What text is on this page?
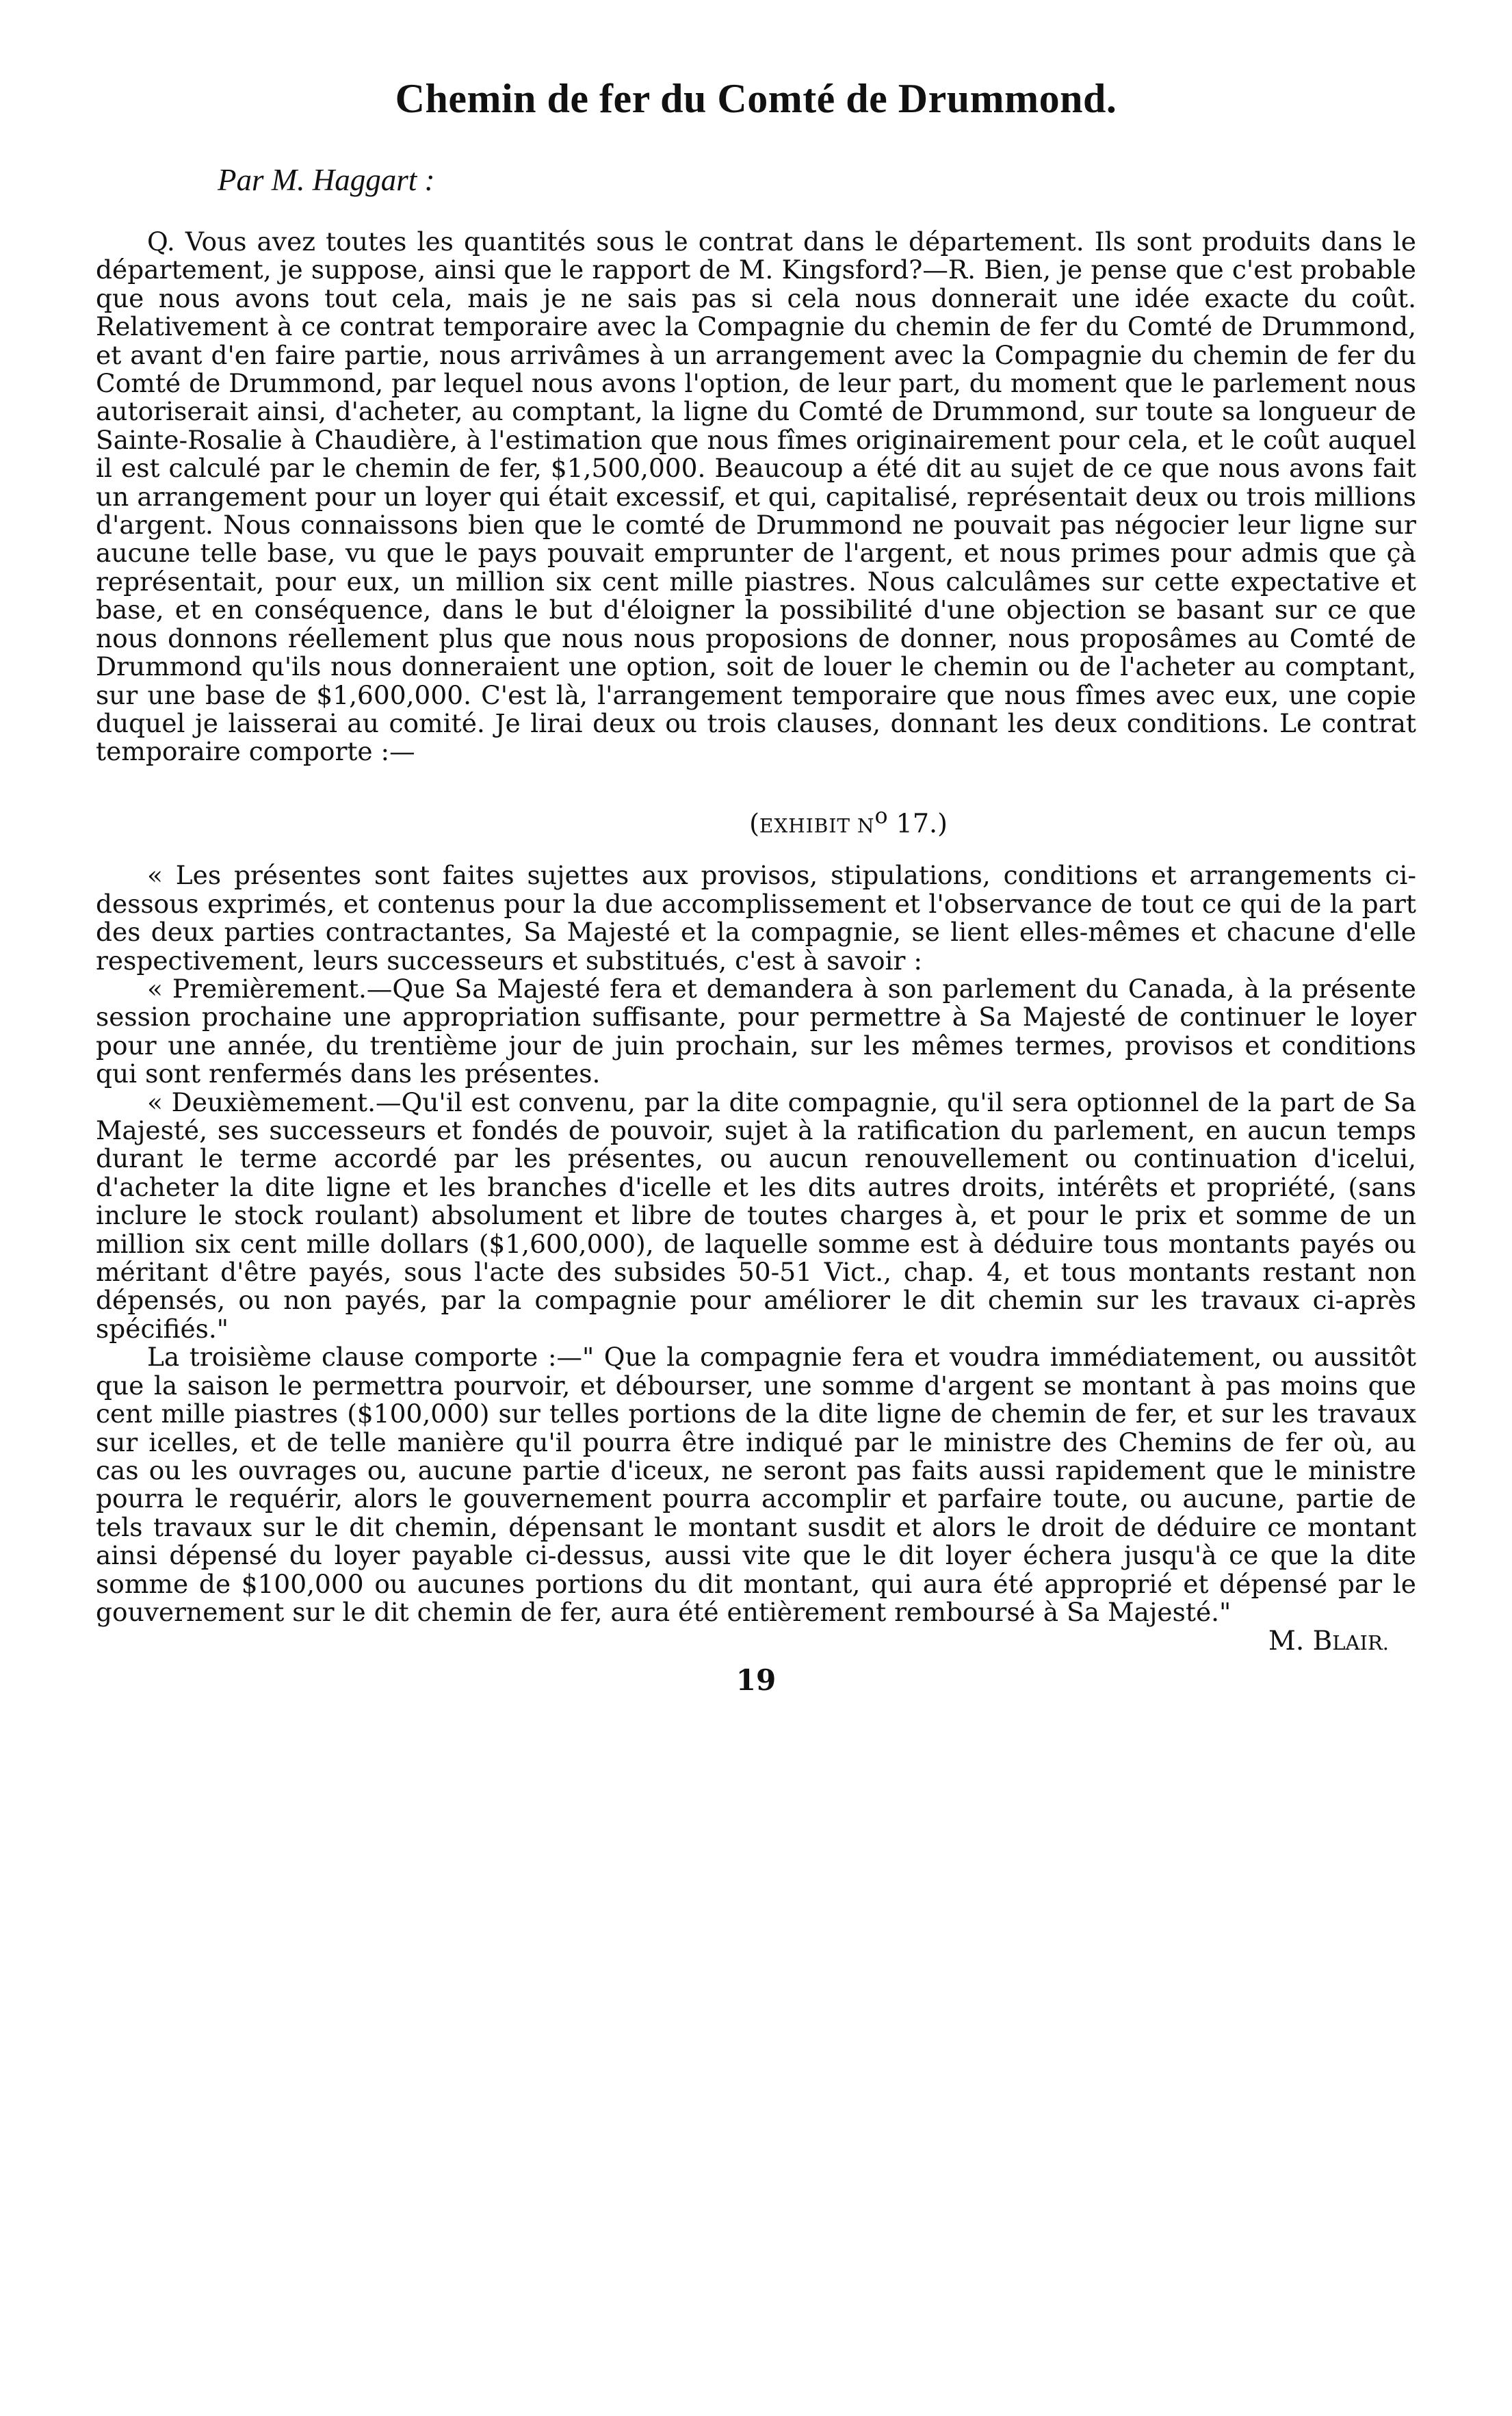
Chemin de fer du Comté de Drummond.
Par M. Haggart :

Q. Vous avez toutes les quantités sous le contrat dans le département. Ils sont produits dans le département, je suppose, ainsi que le rapport de M. Kingsford?—R. Bien, je pense que c'est probable que nous avons tout cela, mais je ne sais pas si cela nous donnerait une idée exacte du coût. Relativement à ce contrat temporaire avec la Compagnie du chemin de fer du Comté de Drummond, et avant d'en faire partie, nous arrivâmes à un arrangement avec la Compagnie du chemin de fer du Comté de Drummond, par lequel nous avons l'option, de leur part, du moment que le parlement nous autoriserait ainsi, d'acheter, au comptant, la ligne du Comté de Drummond, sur toute sa longueur de Sainte-Rosalie à Chaudière, à l'estimation que nous fîmes originairement pour cela, et le coût auquel il est calculé par le chemin de fer, $1,500,000. Beaucoup a été dit au sujet de ce que nous avons fait un arrangement pour un loyer qui était excessif, et qui, capitalisé, représentait deux ou trois millions d'argent. Nous connaissons bien que le comté de Drummond ne pouvait pas négocier leur ligne sur aucune telle base, vu que le pays pouvait emprunter de l'argent, et nous primes pour admis que çà représentait, pour eux, un million six cent mille piastres. Nous calculâmes sur cette expectative et base, et en conséquence, dans le but d'éloigner la possibilité d'une objection se basant sur ce que nous donnons réellement plus que nous nous proposions de donner, nous proposâmes au Comté de Drummond qu'ils nous donneraient une option, soit de louer le chemin ou de l'acheter au comptant, sur une base de $1,600,000. C'est là, l'arrangement temporaire que nous fîmes avec eux, une copie duquel je laisserai au comité. Je lirai deux ou trois clauses, donnant les deux conditions. Le contrat temporaire comporte :—

(EXHIBIT $N^o$ 17.)

« Les présentes sont faites sujettes aux provisos, stipulations, conditions et arrangements ci-dessous exprimés, et contenus pour la due accomplissement et l'observance de tout ce qui de la part des deux parties contractantes, Sa Majesté et la compagnie, se lient elles-mêmes et chacune d'elle respectivement, leurs successeurs et substitués, c'est à savoir :

« Premièrement.—Que Sa Majesté fera et demandera à son parlement du Canada, à la présente session prochaine une appropriation suffisante, pour permettre à Sa Majesté de continuer le loyer pour une année, du trentième jour de juin prochain, sur les mêmes termes, provisos et conditions qui sont renfermés dans les présentes.

« Deuxièmement.—Qu'il est convenu, par la dite compagnie, qu'il sera optionnel de la part de Sa Majesté, ses successeurs et fondés de pouvoir, sujet à la ratification du parlement, en aucun temps durant le terme accordé par les présentes, ou aucun renouvellement ou continuation d'icelui, d'acheter la dite ligne et les branches d'icelle et les dits autres droits, intérêts et propriété, (sans inclure le stock roulant) absolument et libre de toutes charges à, et pour le prix et somme de un million six cent mille dollars ($1,600,000), de laquelle somme est à déduire tous montants payés ou méritant d'être payés, sous l'acte des subsides 50-51 Vict., chap. 4, et tous montants restant non dépensés, ou non payés, par la compagnie pour améliorer le dit chemin sur les travaux ci-après spécifiés."

La troisième clause comporte :—" Que la compagnie fera et voudra immédiatement, ou aussitôt que la saison le permettra pourvoir, et débourser, une somme d'argent se montant à pas moins que cent mille piastres ($100,000) sur telles portions de la dite ligne de chemin de fer, et sur les travaux sur icelles, et de telle manière qu'il pourra être indiqué par le ministre des Chemins de fer où, au cas ou les ouvrages ou, aucune partie d'iceux, ne seront pas faits aussi rapidement que le ministre pourra le requérir, alors le gouvernement pourra accomplir et parfaire toute, ou aucune, partie de tels travaux sur le dit chemin, dépensant le montant susdit et alors le droit de déduire ce montant ainsi dépensé du loyer payable ci-dessus, aussi vite que le dit loyer échera jusqu'à ce que la dite somme de $100,000 ou aucunes portions du dit montant, qui aura été approprié et dépensé par le gouvernement sur le dit chemin de fer, aura été entièrement remboursé à Sa Majesté."

M. BLAIR.
19
